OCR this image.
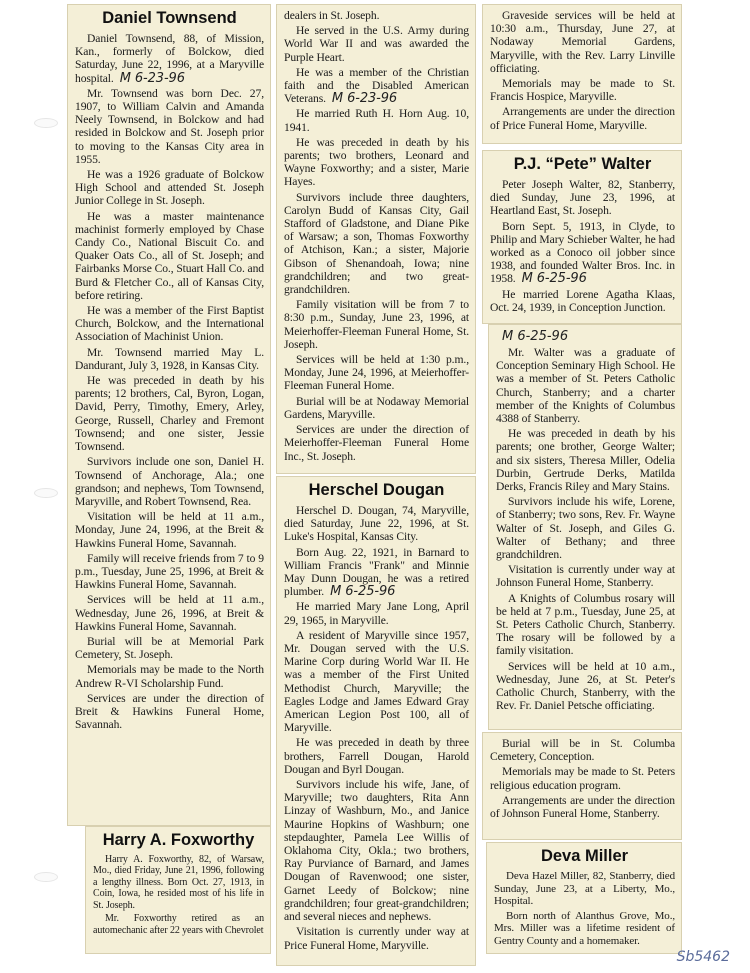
Daniel Townsend

Daniel Townsend, 88, of Mission, Kan., formerly of Bolckow, died Saturday, June 22, 1996, at a Maryville hospital. M 6-23-96

Mr. Townsend was born Dec. 27, 1907, to William Calvin and Amanda Neely Townsend, in Bolckow and had resided in Bolckow and St. Joseph prior to moving to the Kansas City area in 1955.

He was a 1926 graduate of Bolckow High School and attended St. Joseph Junior College in St. Joseph.

He was a master maintenance machinist formerly employed by Chase Candy Co., National Biscuit Co. and Quaker Oats Co., all of St. Joseph; and Fairbanks Morse Co., Stuart Hall Co. and Burd & Fletcher Co., all of Kansas City, before retiring.

He was a member of the First Baptist Church, Bolckow, and the International Association of Machinist Union.

Mr. Townsend married May L. Dandurant, July 3, 1928, in Kansas City.

He was preceded in death by his parents; 12 brothers, Cal, Byron, Logan, David, Perry, Timothy, Emery, Arley, George, Russell, Charley and Fremont Townsend; and one sister, Jessie Townsend.

Survivors include one son, Daniel H. Townsend of Anchorage, Ala.; one grandson; and nephews, Tom Townsend, Maryville, and Robert Townsend, Rea.

Visitation will be held at 11 a.m., Monday, June 24, 1996, at the Breit & Hawkins Funeral Home, Savannah.

Family will receive friends from 7 to 9 p.m., Tuesday, June 25, 1996, at Breit & Hawkins Funeral Home, Savannah.

Services will be held at 11 a.m., Wednesday, June 26, 1996, at Breit & Hawkins Funeral Home, Savannah.

Burial will be at Memorial Park Cemetery, St. Joseph.

Memorials may be made to the North Andrew R-VI Scholarship Fund.

Services are under the direction of Breit & Hawkins Funeral Home, Savannah.

Harry A. Foxworthy

Harry A. Foxworthy, 82, of Warsaw, Mo., died Friday, June 21, 1996, following a lengthy illness. Born Oct. 27, 1913, in Coin, Iowa, he resided most of his life in St. Joseph.

Mr. Foxworthy retired as an automechanic after 22 years with Chevrolet

dealers in St. Joseph.

He served in the U.S. Army during World War II and was awarded the Purple Heart.

He was a member of the Christian faith and the Disabled American Veterans. M 6-23-96

He married Ruth H. Horn Aug. 10, 1941.

He was preceded in death by his parents; two brothers, Leonard and Wayne Foxworthy; and a sister, Marie Hayes.

Survivors include three daughters, Carolyn Budd of Kansas City, Gail Stafford of Gladstone, and Diane Pike of Warsaw; a son, Thomas Foxworthy of Atchison, Kan.; a sister, Majorie Gibson of Shenandoah, Iowa; nine grandchildren; and two great-grandchildren.

Family visitation will be from 7 to 8:30 p.m., Sunday, June 23, 1996, at Meierhoffer-Fleeman Funeral Home, St. Joseph.

Services will be held at 1:30 p.m., Monday, June 24, 1996, at Meierhoffer-Fleeman Funeral Home.

Burial will be at Nodaway Memorial Gardens, Maryville.

Services are under the direction of Meierhoffer-Fleeman Funeral Home Inc., St. Joseph.

Herschel Dougan

Herschel D. Dougan, 74, Maryville, died Saturday, June 22, 1996, at St. Luke's Hospital, Kansas City.

Born Aug. 22, 1921, in Barnard to William Francis "Frank" and Minnie May Dunn Dougan, he was a retired plumber. M 6-25-96

He married Mary Jane Long, April 29, 1965, in Maryville.

A resident of Maryville since 1957, Mr. Dougan served with the U.S. Marine Corp during World War II. He was a member of the First United Methodist Church, Maryville; the Eagles Lodge and James Edward Gray American Legion Post 100, all of Maryville.

He was preceded in death by three brothers, Farrell Dougan, Harold Dougan and Byrl Dougan.

Survivors include his wife, Jane, of Maryville; two daughters, Rita Ann Linzay of Washburn, Mo., and Janice Maurine Hopkins of Washburn; one stepdaughter, Pamela Lee Willis of Oklahoma City, Okla.; two brothers, Ray Purviance of Barnard, and James Dougan of Ravenwood; one sister, Garnet Leedy of Bolckow; nine grandchildren; four great-grandchildren; and several nieces and nephews.

Visitation is currently under way at Price Funeral Home, Maryville.

Graveside services will be held at 10:30 a.m., Thursday, June 27, at Nodaway Memorial Gardens, Maryville, with the Rev. Larry Linville officiating.

Memorials may be made to St. Francis Hospice, Maryville.

Arrangements are under the direction of Price Funeral Home, Maryville.

P.J. “Pete” Walter

Peter Joseph Walter, 82, Stanberry, died Sunday, June 23, 1996, at Heartland East, St. Joseph.

Born Sept. 5, 1913, in Clyde, to Philip and Mary Schieber Walter, he had worked as a Conoco oil jobber since 1938, and founded Walter Bros. Inc. in 1958. M 6-25-96

He married Lorene Agatha Klaas, Oct. 24, 1939, in Conception Junction.

M 6-25-96

Mr. Walter was a graduate of Conception Seminary High School. He was a member of St. Peters Catholic Church, Stanberry; and a charter member of the Knights of Columbus 4388 of Stanberry.

He was preceded in death by his parents; one brother, George Walter; and six sisters, Theresa Miller, Odelia Durbin, Gertrude Derks, Matilda Derks, Francis Riley and Mary Stains.

Survivors include his wife, Lorene, of Stanberry; two sons, Rev. Fr. Wayne Walter of St. Joseph, and Giles G. Walter of Bethany; and three grandchildren.

Visitation is currently under way at Johnson Funeral Home, Stanberry.

A Knights of Columbus rosary will be held at 7 p.m., Tuesday, June 25, at St. Peters Catholic Church, Stanberry. The rosary will be followed by a family visitation.

Services will be held at 10 a.m., Wednesday, June 26, at St. Peter's Catholic Church, Stanberry, with the Rev. Fr. Daniel Petsche officiating.

Burial will be in St. Columba Cemetery, Conception.

Memorials may be made to St. Peters religious education program.

Arrangements are under the direction of Johnson Funeral Home, Stanberry.

Deva Miller

Deva Hazel Miller, 82, Stanberry, died Sunday, June 23, at a Liberty, Mo., Hospital.

Born north of Alanthus Grove, Mo., Mrs. Miller was a lifetime resident of Gentry County and a homemaker.

Sb5462
